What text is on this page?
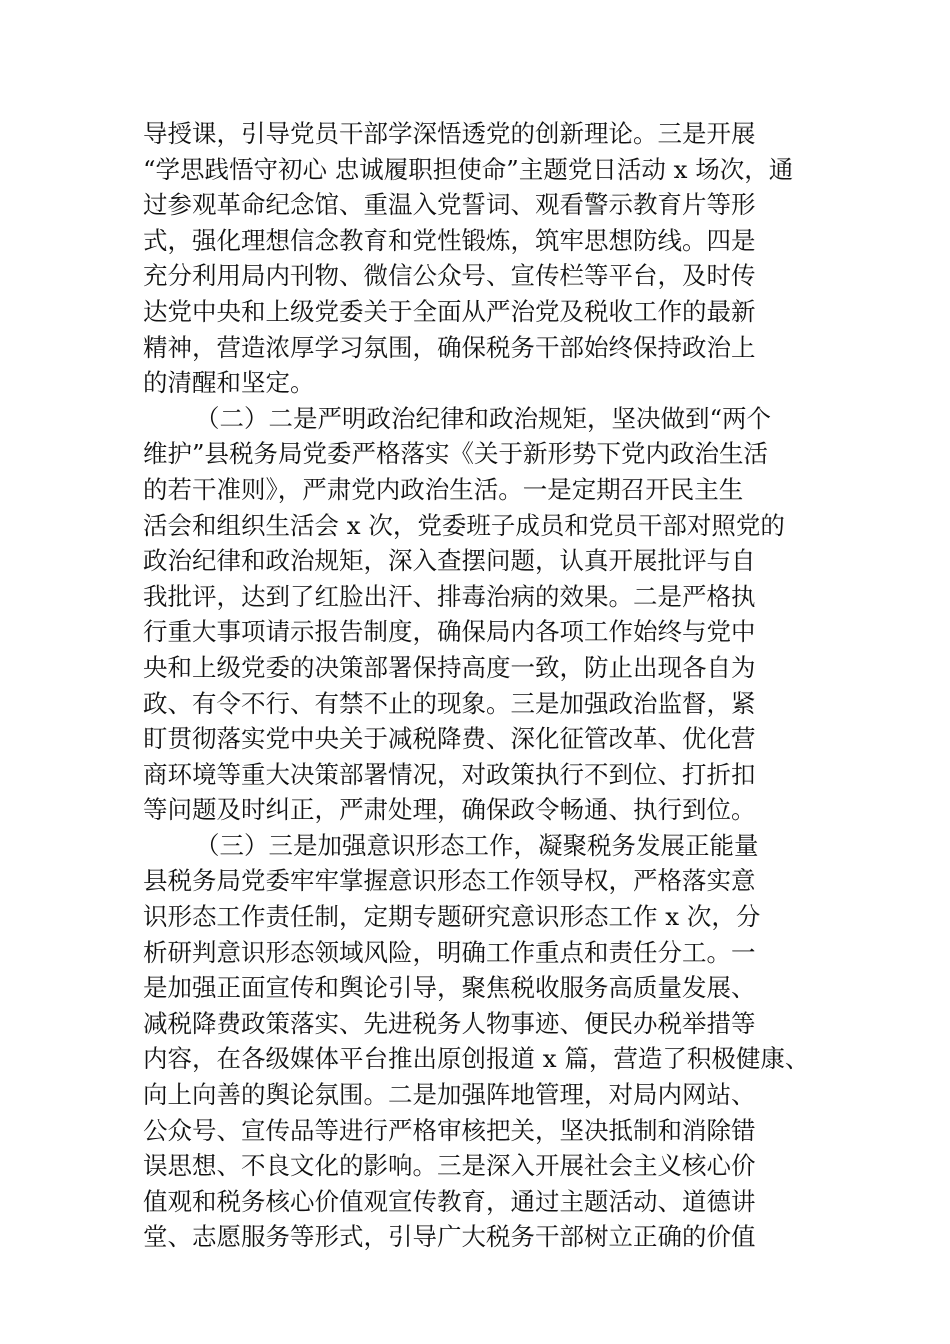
导授课，引导党员干部学深悟透党的创新理论。三是开展
“学思践悟守初心 忠诚履职担使命”主题党日活动 x 场次，通
过参观革命纪念馆、重温入党誓词、观看警示教育片等形
式，强化理想信念教育和党性锻炼，筑牢思想防线。四是
充分利用局内刊物、微信公众号、宣传栏等平台，及时传
达党中央和上级党委关于全面从严治党及税收工作的最新
精神，营造浓厚学习氛围，确保税务干部始终保持政治上
的清醒和坚定。
（二）二是严明政治纪律和政治规矩，坚决做到“两个
维护”县税务局党委严格落实《关于新形势下党内政治生活
的若干准则》，严肃党内政治生活。一是定期召开民主生
活会和组织生活会 x 次，党委班子成员和党员干部对照党的
政治纪律和政治规矩，深入查摆问题，认真开展批评与自
我批评，达到了红脸出汗、排毒治病的效果。二是严格执
行重大事项请示报告制度，确保局内各项工作始终与党中
央和上级党委的决策部署保持高度一致，防止出现各自为
政、有令不行、有禁不止的现象。三是加强政治监督，紧
盯贯彻落实党中央关于减税降费、深化征管改革、优化营
商环境等重大决策部署情况，对政策执行不到位、打折扣
等问题及时纠正，严肃处理，确保政令畅通、执行到位。
（三）三是加强意识形态工作，凝聚税务发展正能量
县税务局党委牢牢掌握意识形态工作领导权，严格落实意
识形态工作责任制，定期专题研究意识形态工作 x 次，分
析研判意识形态领域风险，明确工作重点和责任分工。一
是加强正面宣传和舆论引导，聚焦税收服务高质量发展、
减税降费政策落实、先进税务人物事迹、便民办税举措等
内容，在各级媒体平台推出原创报道 x 篇，营造了积极健康、
向上向善的舆论氛围。二是加强阵地管理，对局内网站、
公众号、宣传品等进行严格审核把关，坚决抵制和消除错
误思想、不良文化的影响。三是深入开展社会主义核心价
值观和税务核心价值观宣传教育，通过主题活动、道德讲
堂、志愿服务等形式，引导广大税务干部树立正确的价值
